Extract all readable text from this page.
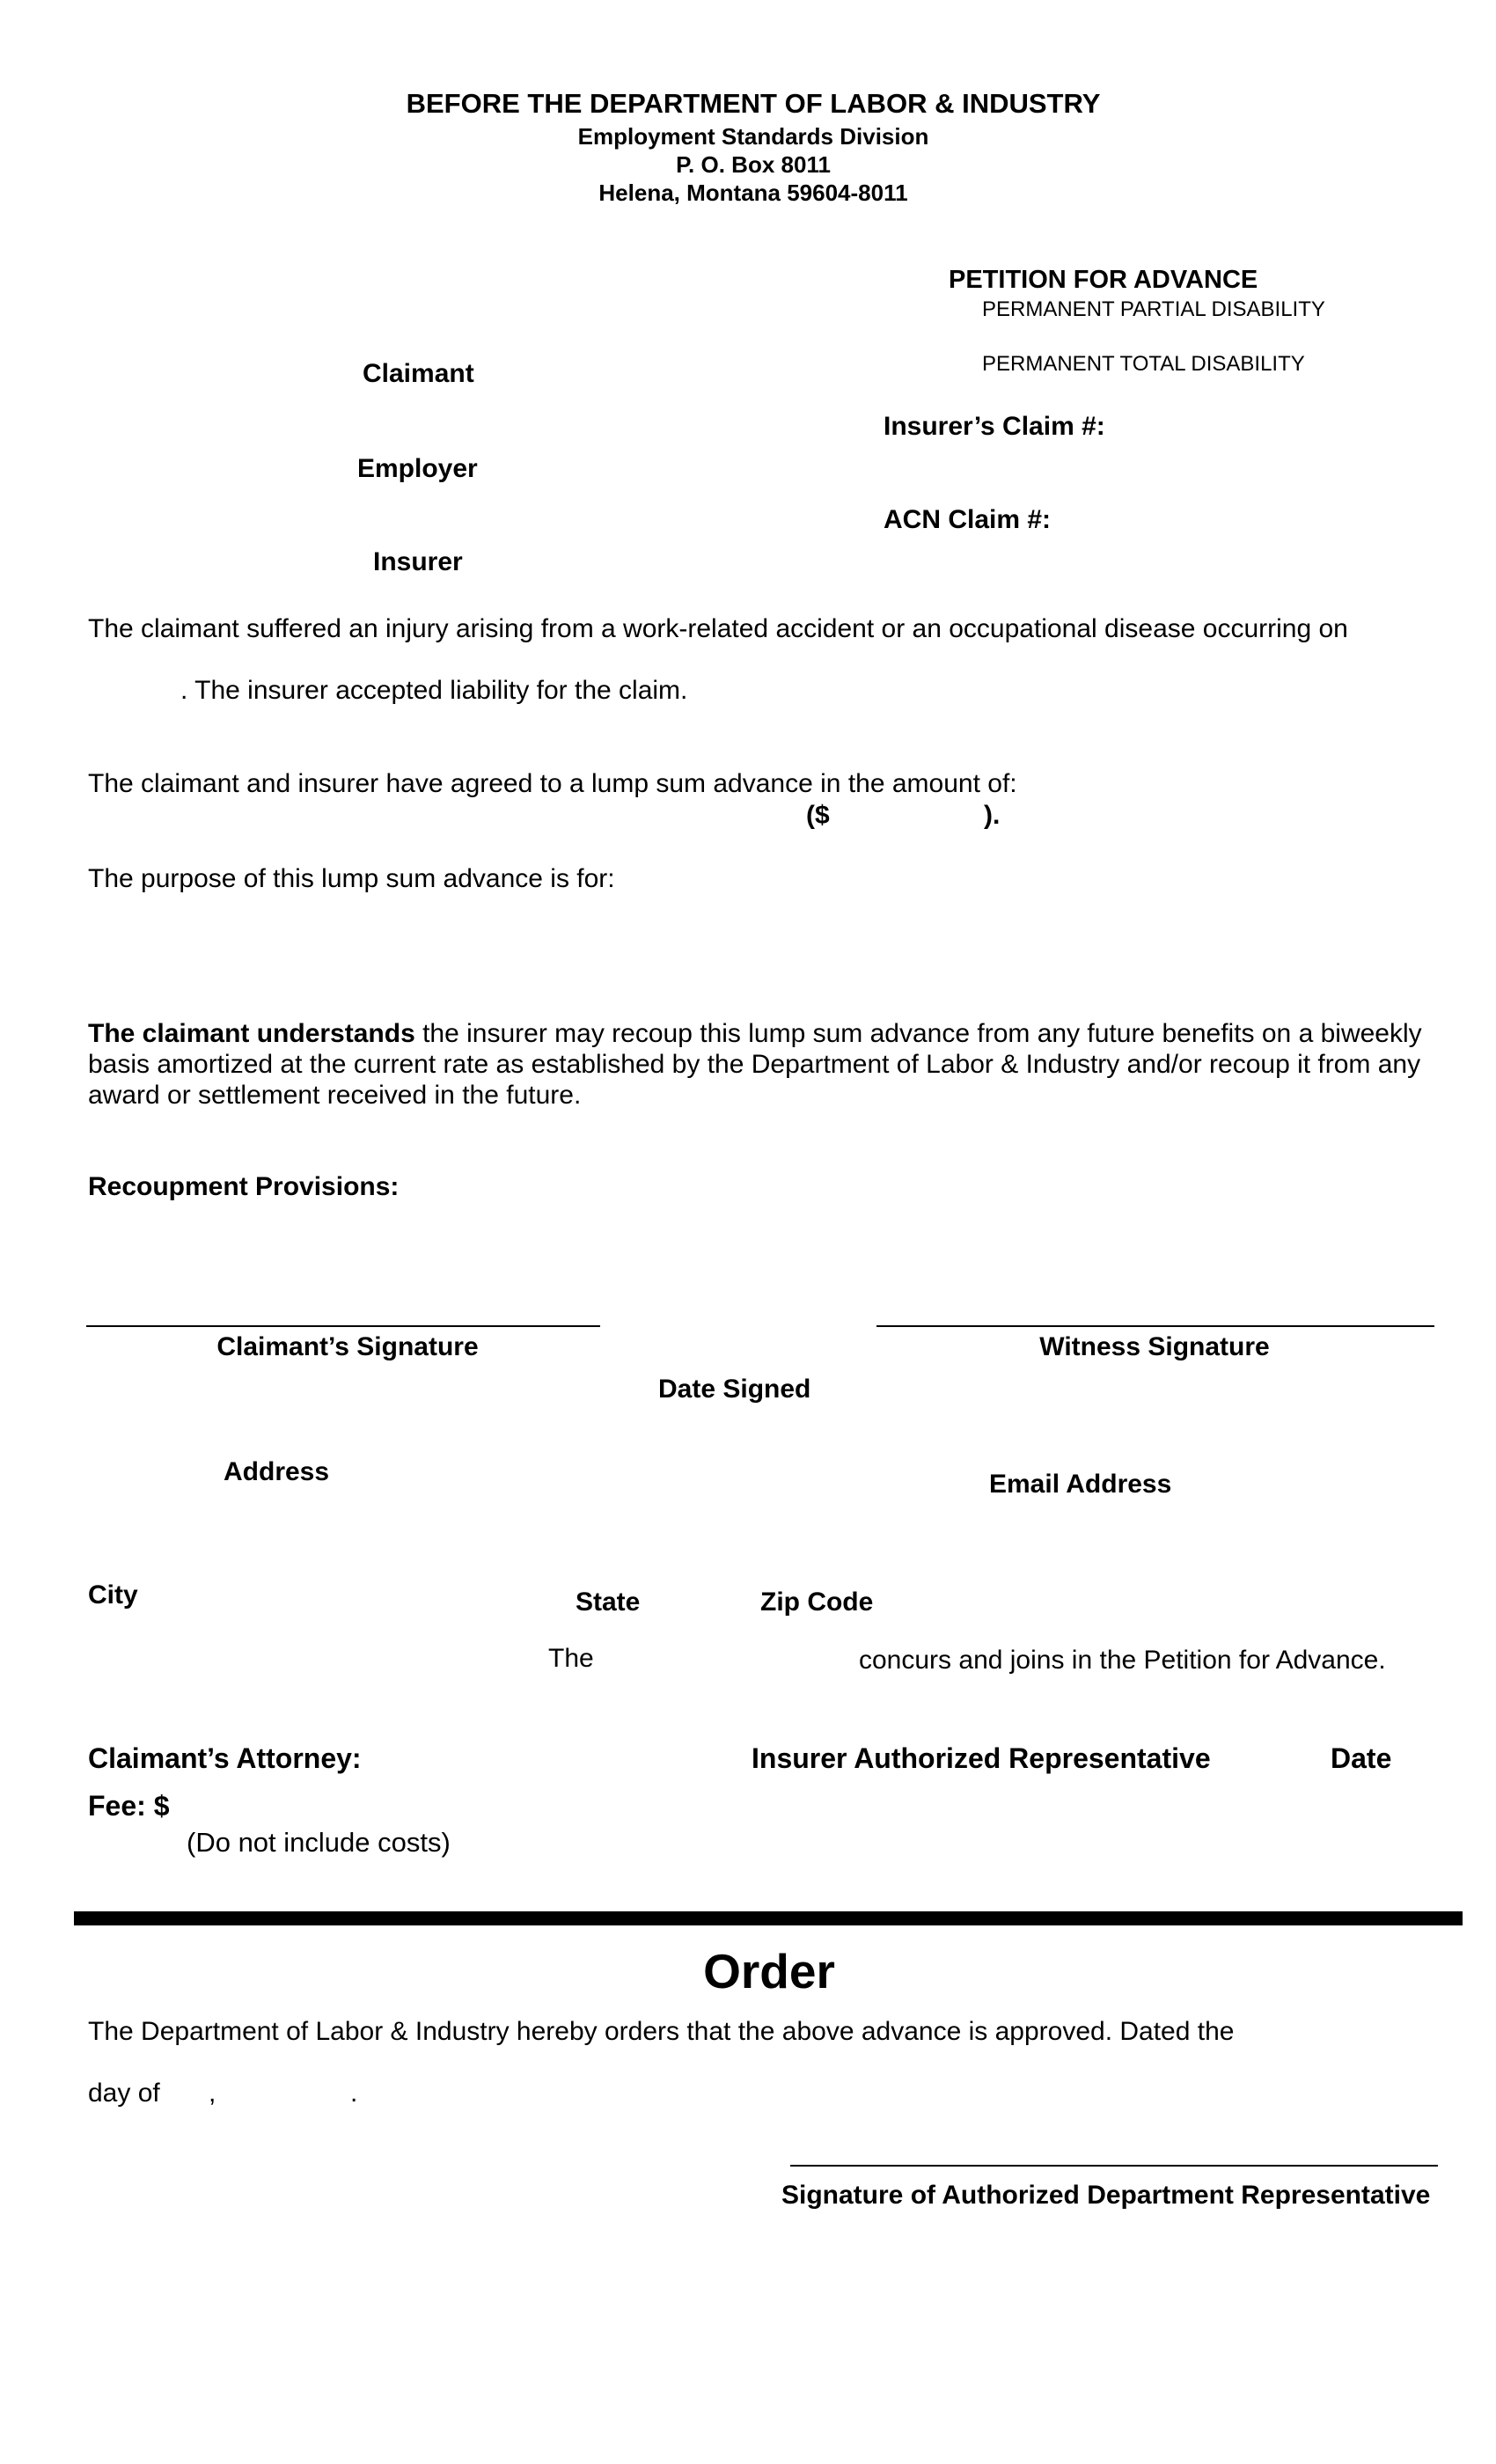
BEFORE THE DEPARTMENT OF LABOR & INDUSTRY
Employment Standards Division
P. O. Box 8011
Helena, Montana 59604-8011
PETITION FOR ADVANCE
PERMANENT PARTIAL DISABILITY
PERMANENT TOTAL DISABILITY
Claimant
Insurer’s Claim #:
Employer
ACN Claim #:
Insurer
The claimant suffered an injury arising from a work-related accident or an occupational disease occurring on
. The insurer accepted liability for the claim.
The claimant and insurer have agreed to a lump sum advance in the amount of:
($	).
The purpose of this lump sum advance is for:
The claimant understands the insurer may recoup this lump sum advance from any future benefits on a biweekly basis amortized at the current rate as established by the Department of Labor & Industry and/or recoup it from any award or settlement received in the future.
Recoupment Provisions:
Claimant’s Signature	Witness Signature
Date Signed
Address	Email Address
City	State	Zip Code
The	concurs and joins in the Petition for Advance.
Claimant’s Attorney:	Insurer Authorized Representative	Date
Fee: $
(Do not include costs)
Order
The Department of Labor & Industry hereby orders that the above advance is approved. Dated the
day of ,	.
Signature of Authorized Department Representative
